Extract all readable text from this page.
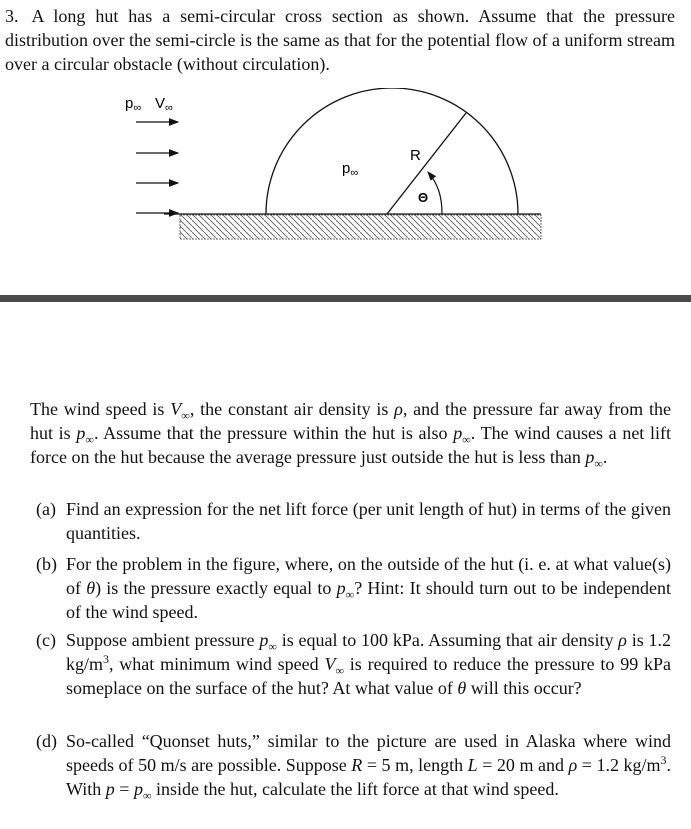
3. A long hut has a semi-circular cross section as shown. Assume that the pressure distribution over the semi-circle is the same as that for the potential flow of a uniform stream over a circular obstacle (without circulation).
$p_\infty$ $V_\infty$
$p_\infty$
R
Θ
The wind speed is $V_\infty$, the constant air density is ρ, and the pressure far away from the hut is $p_\infty$. Assume that the pressure within the hut is also $p_\infty$. The wind causes a net lift force on the hut because the average pressure just outside the hut is less than $p_\infty$.
(a) Find an expression for the net lift force (per unit length of hut) in terms of the given quantities.
(b) For the problem in the figure, where, on the outside of the hut (i. e. at what value(s) of θ) is the pressure exactly equal to $p_\infty$? Hint: It should turn out to be independent of the wind speed.
(c) Suppose ambient pressure $p_\infty$ is equal to 100 kPa. Assuming that air density ρ is 1.2 $kg/m^3$, what minimum wind speed $V_\infty$ is required to reduce the pressure to 99 kPa someplace on the surface of the hut? At what value of θ will this occur?
(d) So-called “Quonset huts,” similar to the picture are used in Alaska where wind speeds of 50 m/s are possible. Suppose R = 5 m, length L = 20 m and ρ = 1.2 $kg/m^3$. With $p = p_\infty$ inside the hut, calculate the lift force at that wind speed.
